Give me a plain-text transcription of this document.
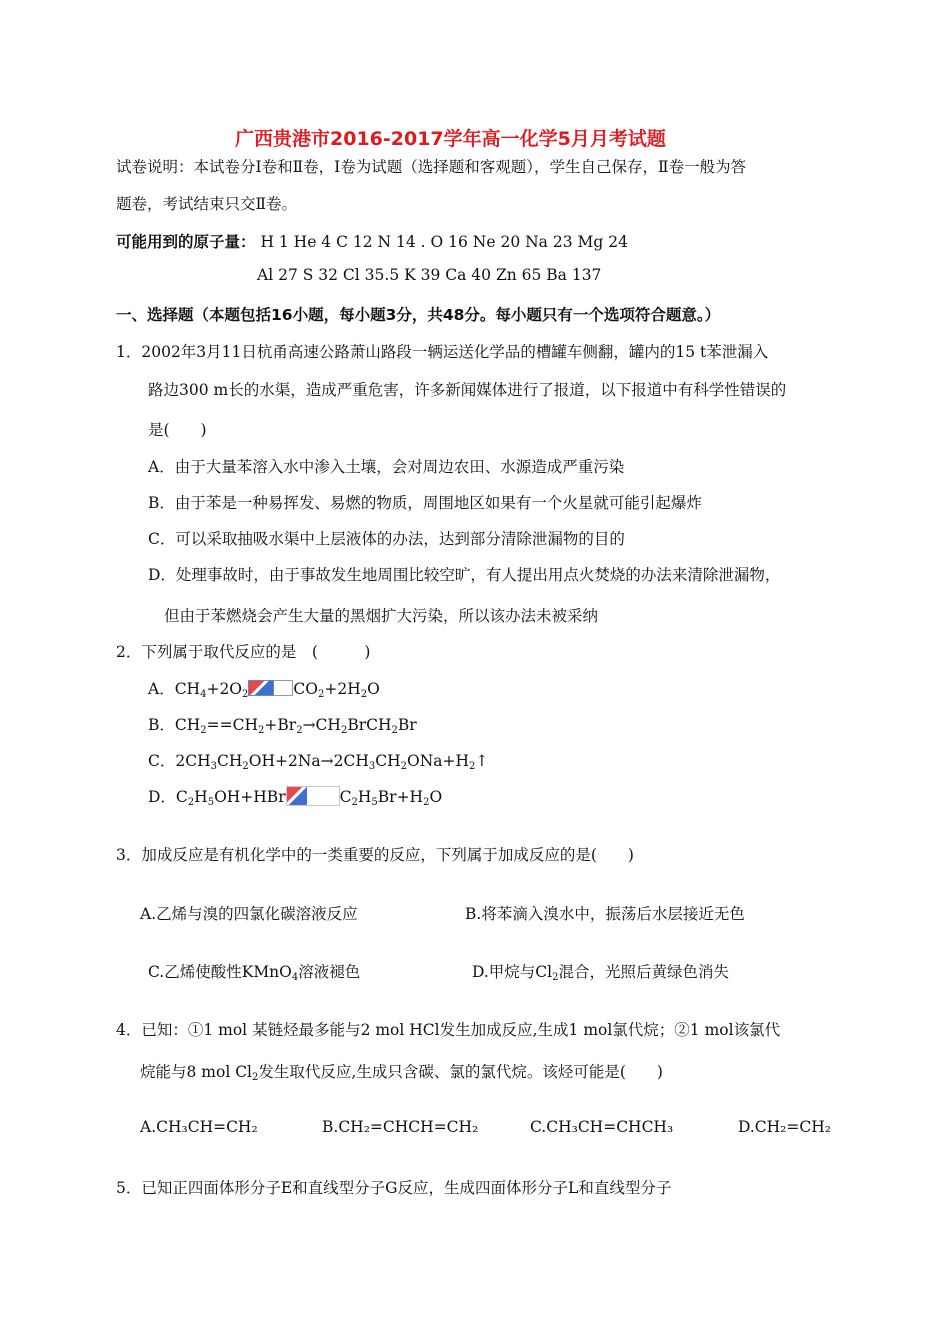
广西贵港市2016-2017学年高一化学5月月考试题
试卷说明：本试卷分Ⅰ卷和Ⅱ卷，Ⅰ卷为试题（选择题和客观题），学生自己保存，Ⅱ卷一般为答
题卷，考试结束只交Ⅱ卷。
可能用到的原子量： H 1 He 4 C 12 N 14 . O 16 Ne 20 Na 23 Mg 24
Al 27 S 32 Cl 35.5 K 39 Ca 40 Zn 65 Ba 137
一、选择题（本题包括16小题，每小题3分，共48分。每小题只有一个选项符合题意。）
1．2002年3月11日杭甬高速公路萧山路段一辆运送化学品的槽罐车侧翻，罐内的15 t苯泄漏入
路边300 m长的水渠，造成严重危害，许多新闻媒体进行了报道，以下报道中有科学性错误的
是(　　)
A．由于大量苯溶入水中渗入土壤，会对周边农田、水源造成严重污染
B．由于苯是一种易挥发、易燃的物质，周围地区如果有一个火星就可能引起爆炸
C．可以采取抽吸水渠中上层液体的办法，达到部分清除泄漏物的目的
D．处理事故时，由于事故发生地周围比较空旷，有人提出用点火焚烧的办法来清除泄漏物，
但由于苯燃烧会产生大量的黑烟扩大污染，所以该办法未被采纳
2．下列属于取代反应的是　(　　　)
A．$CH_4+2O_2$	$CO_2+2H_2O$
B．$CH_2==CH_2+Br_2\to CH_2BrCH_2Br$
C．$2CH_3CH_2OH+2Na\to 2CH_3CH_2ONa+H_2↑$
D．$C_2H_5OH+HBr$	$C_2H_5Br+H_2O$
3．加成反应是有机化学中的一类重要的反应，下列属于加成反应的是(　　)
A.乙烯与溴的四氯化碳溶液反应	B.将苯滴入溴水中，振荡后水层接近无色
C.乙烯使酸性KMnO$_4$溶液褪色	D.甲烷与$Cl_2$混合，光照后黄绿色消失
4．已知：①1 mol 某链烃最多能与2 mol HCl发生加成反应,生成1 mol氯代烷；②1 mol该氯代
烷能与8 mol $Cl_2$发生取代反应,生成只含碳、氯的氯代烷。该烃可能是(　　)
A.CH₃CH=CH₂	B.CH₂=CHCH=CH₂	C.CH₃CH=CHCH₃	D.CH₂=CH₂
5．已知正四面体形分子E和直线型分子G反应，生成四面体形分子L和直线型分子
